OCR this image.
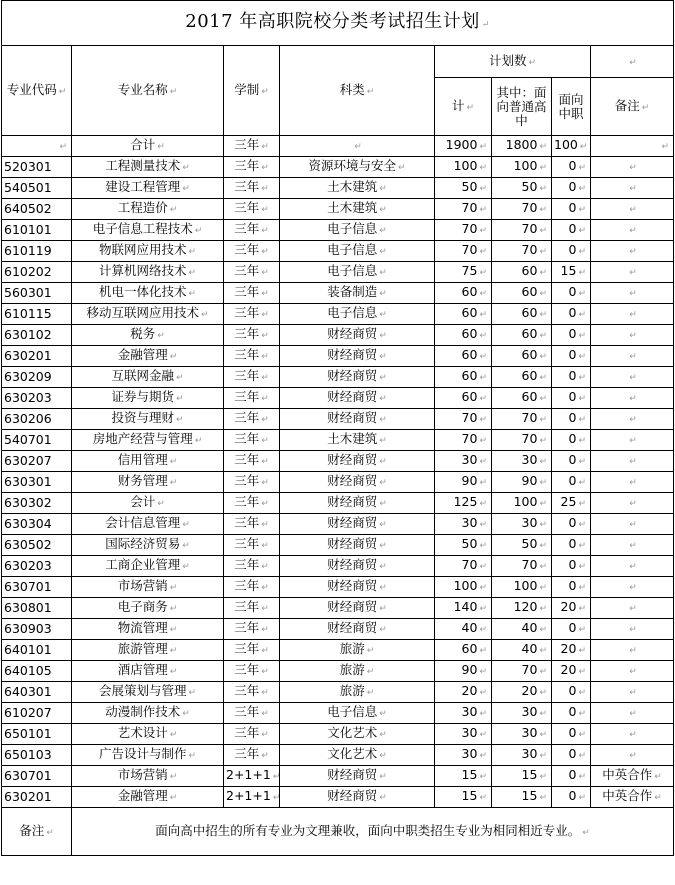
2017 年高职院校分类考试招生计划 ↵							
专业代码 ↵	专业名称 ↵	学制 ↵	科类 ↵	计划数 ↵			↵
				计 ↵	其中：面向普通高中	面向中职	备注 ↵
↵	合计 ↵	三年 ↵	↵	1900 ↵	1800 ↵	100 ↵	↵
520301	工程测量技术 ↵	三年 ↵	资源环境与安全 ↵	100 ↵	100 ↵	0 ↵	↵
540501	建设工程管理 ↵	三年 ↵	土木建筑 ↵	50 ↵	50 ↵	0 ↵	↵
640502	工程造价 ↵	三年 ↵	土木建筑 ↵	70 ↵	70 ↵	0 ↵	↵
610101	电子信息工程技术 ↵	三年 ↵	电子信息 ↵	70 ↵	70 ↵	0 ↵	↵
610119	物联网应用技术 ↵	三年 ↵	电子信息 ↵	70 ↵	70 ↵	0 ↵	↵
610202	计算机网络技术 ↵	三年 ↵	电子信息 ↵	75 ↵	60 ↵	15 ↵	↵
560301	机电一体化技术 ↵	三年 ↵	装备制造 ↵	60 ↵	60 ↵	0 ↵	↵
610115	移动互联网应用技术 ↵	三年 ↵	电子信息 ↵	60 ↵	60 ↵	0 ↵	↵
630102	税务 ↵	三年 ↵	财经商贸 ↵	60 ↵	60 ↵	0 ↵	↵
630201	金融管理 ↵	三年 ↵	财经商贸 ↵	60 ↵	60 ↵	0 ↵	↵
630209	互联网金融 ↵	三年 ↵	财经商贸 ↵	60 ↵	60 ↵	0 ↵	↵
630203	证券与期货 ↵	三年 ↵	财经商贸 ↵	60 ↵	60 ↵	0 ↵	↵
630206	投资与理财 ↵	三年 ↵	财经商贸 ↵	70 ↵	70 ↵	0 ↵	↵
540701	房地产经营与管理 ↵	三年 ↵	土木建筑 ↵	70 ↵	70 ↵	0 ↵	↵
630207	信用管理 ↵	三年 ↵	财经商贸 ↵	30 ↵	30 ↵	0 ↵	↵
630301	财务管理 ↵	三年 ↵	财经商贸 ↵	90 ↵	90 ↵	0 ↵	↵
630302	会计 ↵	三年 ↵	财经商贸 ↵	125 ↵	100 ↵	25 ↵	↵
630304	会计信息管理 ↵	三年 ↵	财经商贸 ↵	30 ↵	30 ↵	0 ↵	↵
630502	国际经济贸易 ↵	三年 ↵	财经商贸 ↵	50 ↵	50 ↵	0 ↵	↵
630203	工商企业管理 ↵	三年 ↵	财经商贸 ↵	70 ↵	70 ↵	0 ↵	↵
630701	市场营销 ↵	三年 ↵	财经商贸 ↵	100 ↵	100 ↵	0 ↵	↵
630801	电子商务 ↵	三年 ↵	财经商贸 ↵	140 ↵	120 ↵	20 ↵	↵
630903	物流管理 ↵	三年 ↵	财经商贸 ↵	40 ↵	40 ↵	0 ↵	↵
640101	旅游管理 ↵	三年 ↵	旅游 ↵	60 ↵	40 ↵	20 ↵	↵
640105	酒店管理 ↵	三年 ↵	旅游 ↵	90 ↵	70 ↵	20 ↵	↵
640301	会展策划与管理 ↵	三年 ↵	旅游 ↵	20 ↵	20 ↵	0 ↵	↵
610207	动漫制作技术 ↵	三年 ↵	电子信息 ↵	30 ↵	30 ↵	0 ↵	↵
650101	艺术设计 ↵	三年 ↵	文化艺术 ↵	30 ↵	30 ↵	0 ↵	↵
650103	广告设计与制作 ↵	三年 ↵	文化艺术 ↵	30 ↵	30 ↵	0 ↵	↵
630701	市场营销 ↵	2+1+1 ↵	财经商贸 ↵	15 ↵	15 ↵	0 ↵	中英合作 ↵
630201	金融管理 ↵	2+1+1 ↵	财经商贸 ↵	15 ↵	15 ↵	0 ↵	中英合作 ↵
备注 ↵	面向高中招生的所有专业为文理兼收，面向中职类招生专业为相同相近专业。 ↵						
